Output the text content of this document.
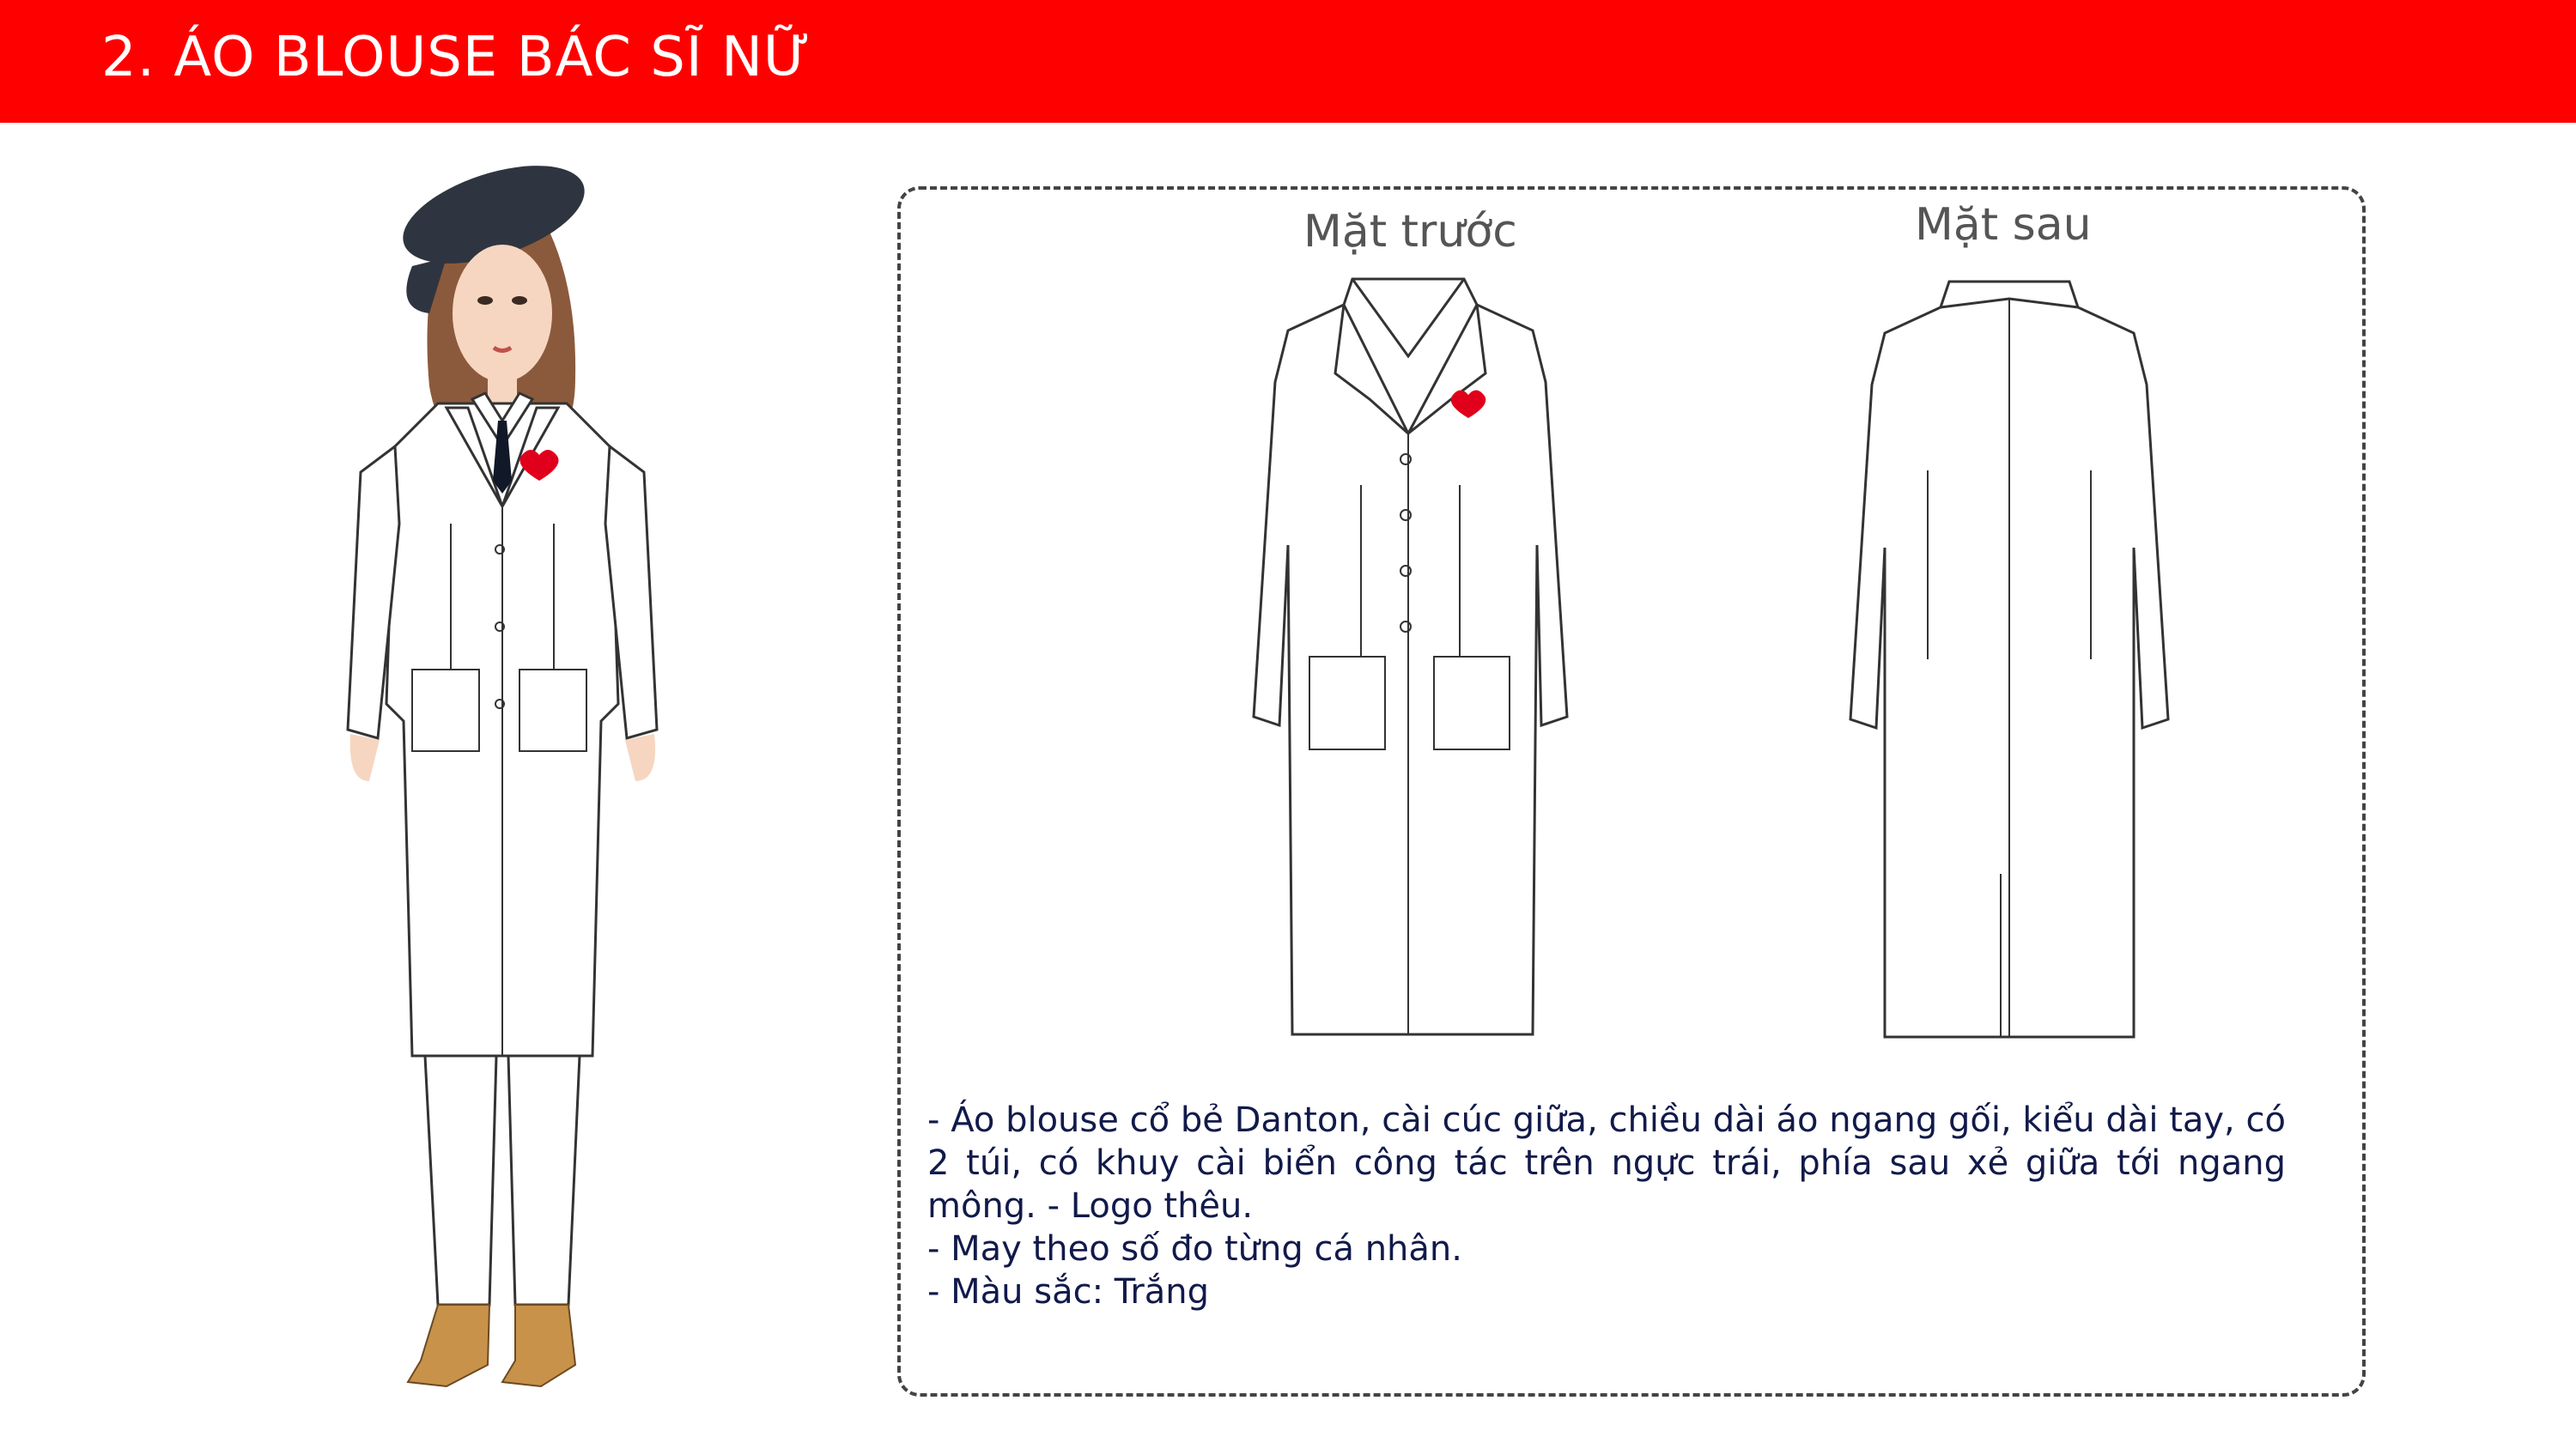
2. ÁO BLOUSE BÁC SĨ NỮ
Mặt trước	Mặt sau

- Áo blouse cổ bẻ Danton, cài cúc giữa, chiều dài áo ngang gối, kiểu dài tay, có 2 túi, có khuy cài biển công tác trên ngực trái, phía sau xẻ giữa tới ngang mông. - Logo thêu.

- May theo số đo từng cá nhân.

- Màu sắc: Trắng
